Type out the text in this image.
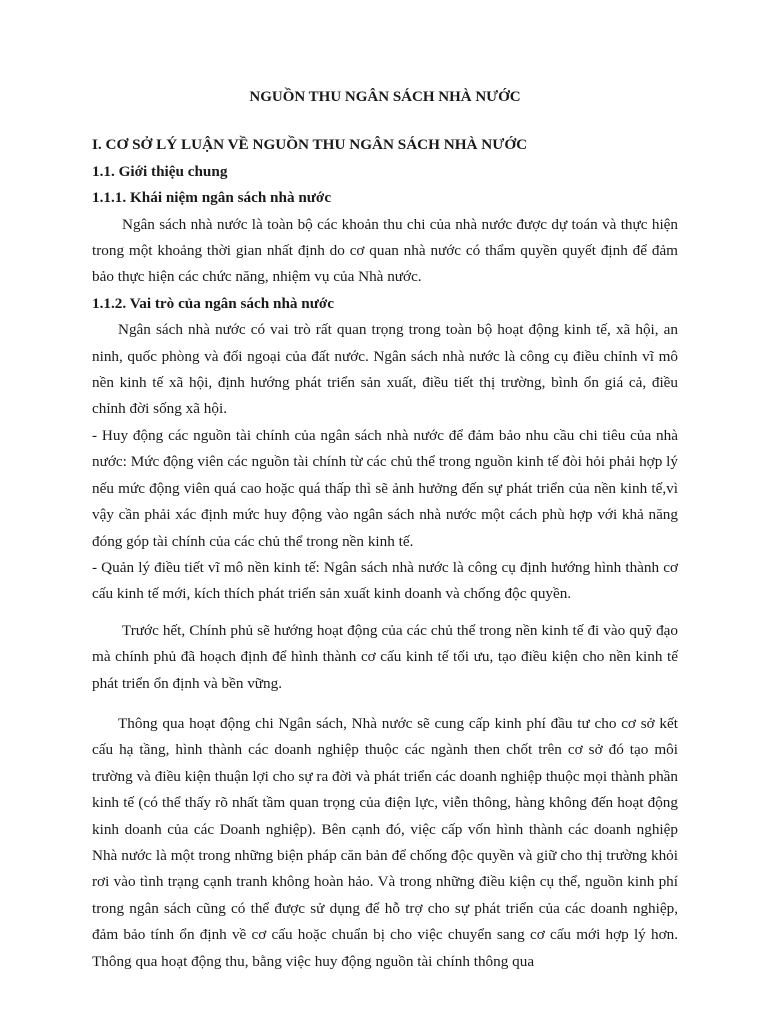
NGUỒN THU NGÂN SÁCH NHÀ NƯỚC
I. CƠ SỞ LÝ LUẬN VỀ NGUỒN THU NGÂN SÁCH NHÀ NƯỚC
1.1. Giới thiệu chung
1.1.1. Khái niệm ngân sách nhà nước

Ngân sách nhà nước là toàn bộ các khoản thu chi của nhà nước được dự toán và thực hiện trong một khoảng thời gian nhất định do cơ quan nhà nước có thẩm quyền quyết định để đảm bảo thực hiện các chức năng, nhiệm vụ của Nhà nước.

1.1.2. Vai trò của ngân sách nhà nước

Ngân sách nhà nước có vai trò rất quan trọng trong toàn bộ hoạt động kinh tế, xã hội, an ninh, quốc phòng và đối ngoại của đất nước. Ngân sách nhà nước là công cụ điều chỉnh vĩ mô nền kinh tế xã hội, định hướng phát triển sản xuất, điều tiết thị trường, bình ổn giá cả, điều chỉnh đời sống xã hội.

- Huy động các nguồn tài chính của ngân sách nhà nước để đảm bảo nhu cầu chi tiêu của nhà nước: Mức động viên các nguồn tài chính từ các chủ thể trong nguồn kinh tế đòi hỏi phải hợp lý nếu mức động viên quá cao hoặc quá thấp thì sẽ ảnh hưởng đến sự phát triển của nền kinh tế,vì vậy cần phải xác định mức huy động vào ngân sách nhà nước một cách phù hợp với khả năng đóng góp tài chính của các chủ thể trong nền kinh tế.

- Quản lý điều tiết vĩ mô nền kinh tế: Ngân sách nhà nước là công cụ định hướng hình thành cơ cấu kinh tế mới, kích thích phát triển sản xuất kinh doanh và chống độc quyền.

Trước hết, Chính phủ sẽ hướng hoạt động của các chủ thể trong nền kinh tế đi vào quỹ đạo mà chính phủ đã hoạch định để hình thành cơ cấu kinh tế tối ưu, tạo điều kiện cho nền kinh tế phát triển ổn định và bền vững.

Thông qua hoạt động chi Ngân sách, Nhà nước sẽ cung cấp kinh phí đầu tư cho cơ sở kết cấu hạ tầng, hình thành các doanh nghiệp thuộc các ngành then chốt trên cơ sở đó tạo môi trường và điều kiện thuận lợi cho sự ra đời và phát triển các doanh nghiệp thuộc mọi thành phần kinh tế (có thể thấy rõ nhất tầm quan trọng của điện lực, viễn thông, hàng không đến hoạt động kinh doanh của các Doanh nghiệp). Bên cạnh đó, việc cấp vốn hình thành các doanh nghiệp Nhà nước là một trong những biện pháp căn bản để chống độc quyền và giữ cho thị trường khỏi rơi vào tình trạng cạnh tranh không hoàn hảo. Và trong những điều kiện cụ thể, nguồn kinh phí trong ngân sách cũng có thể được sử dụng để hỗ trợ cho sự phát triển của các doanh nghiệp, đảm bảo tính ổn định về cơ cấu hoặc chuẩn bị cho việc chuyển sang cơ cấu mới hợp lý hơn. Thông qua hoạt động thu, bằng việc huy động nguồn tài chính thông qua
